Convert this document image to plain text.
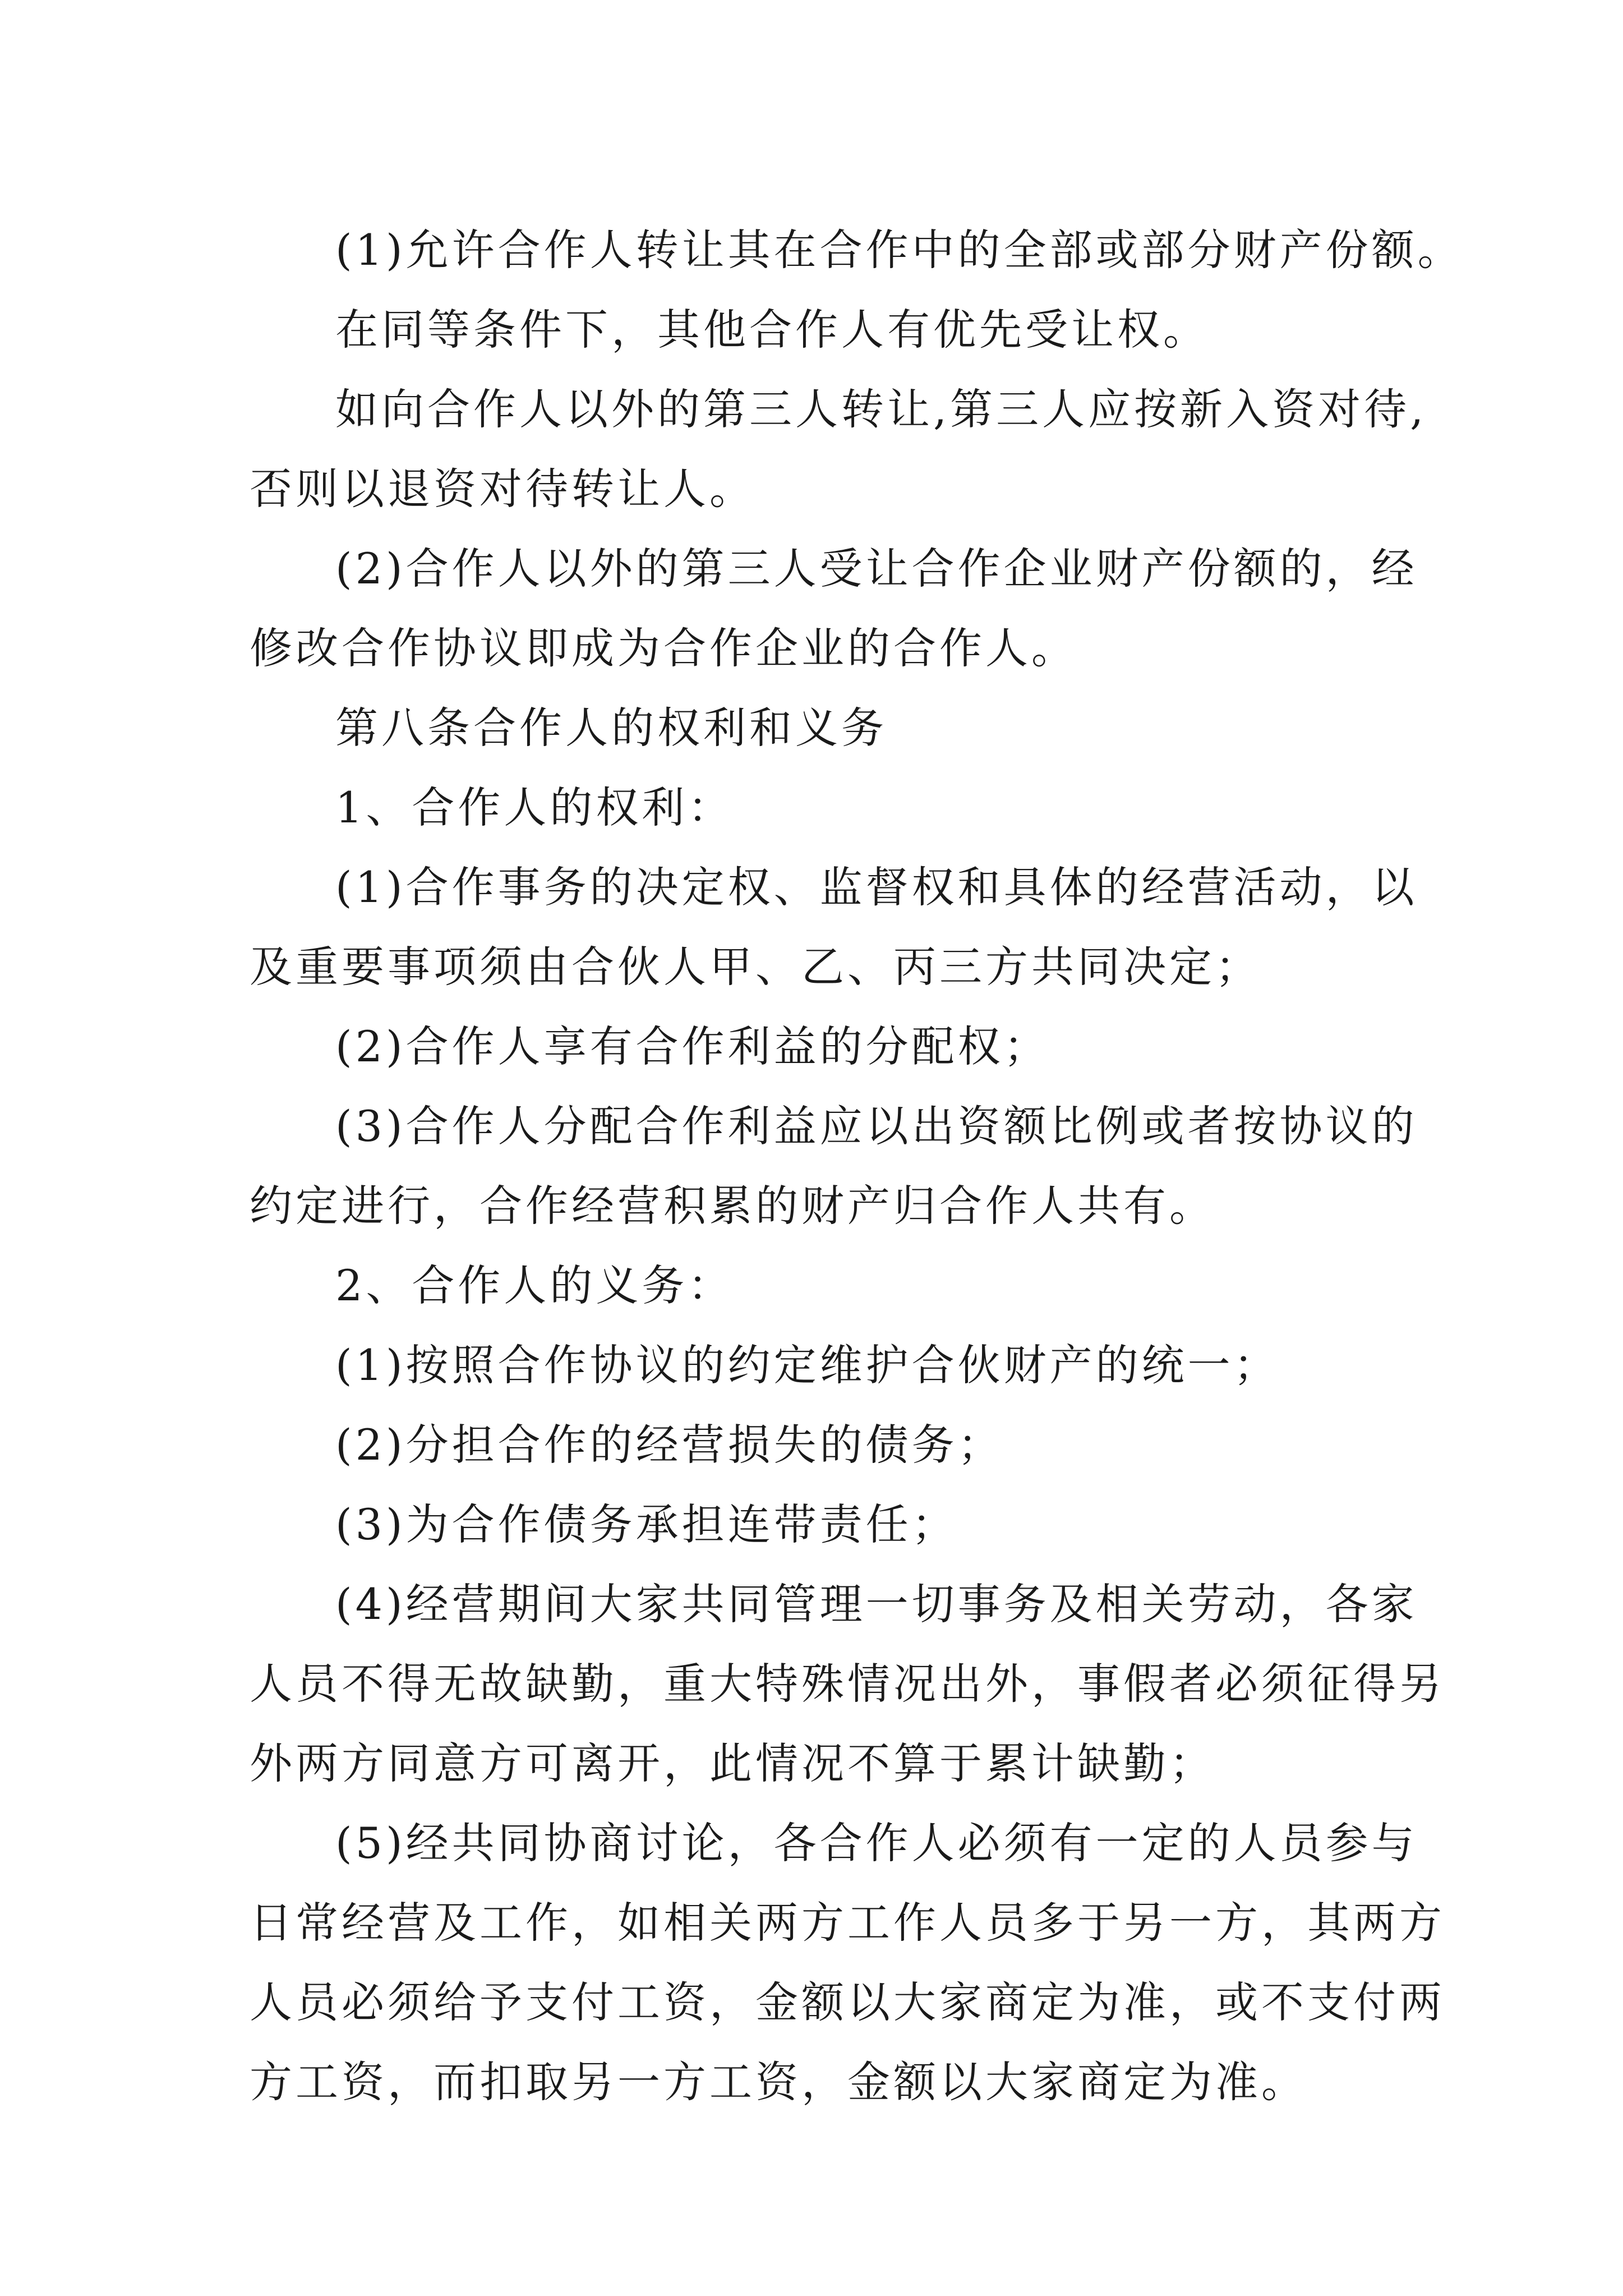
(1)允许合作人转让其在合作中的全部或部分财产份额。
在同等条件下，其他合作人有优先受让权。
如向合作人以外的第三人转让,第三人应按新入资对待,
否则以退资对待转让人。
(2)合作人以外的第三人受让合作企业财产份额的，经
修改合作协议即成为合作企业的合作人。
第八条合作人的权利和义务
1、合作人的权利：
(1)合作事务的决定权、监督权和具体的经营活动，以
及重要事项须由合伙人甲、乙、丙三方共同决定；
(2)合作人享有合作利益的分配权；
(3)合作人分配合作利益应以出资额比例或者按协议的
约定进行，合作经营积累的财产归合作人共有。
2、合作人的义务：
(1)按照合作协议的约定维护合伙财产的统一；
(2)分担合作的经营损失的债务；
(3)为合作债务承担连带责任；
(4)经营期间大家共同管理一切事务及相关劳动，各家
人员不得无故缺勤，重大特殊情况出外，事假者必须征得另
外两方同意方可离开，此情况不算于累计缺勤；
(5)经共同协商讨论，各合作人必须有一定的人员参与
日常经营及工作，如相关两方工作人员多于另一方，其两方
人员必须给予支付工资，金额以大家商定为准，或不支付两
方工资，而扣取另一方工资，金额以大家商定为准。
